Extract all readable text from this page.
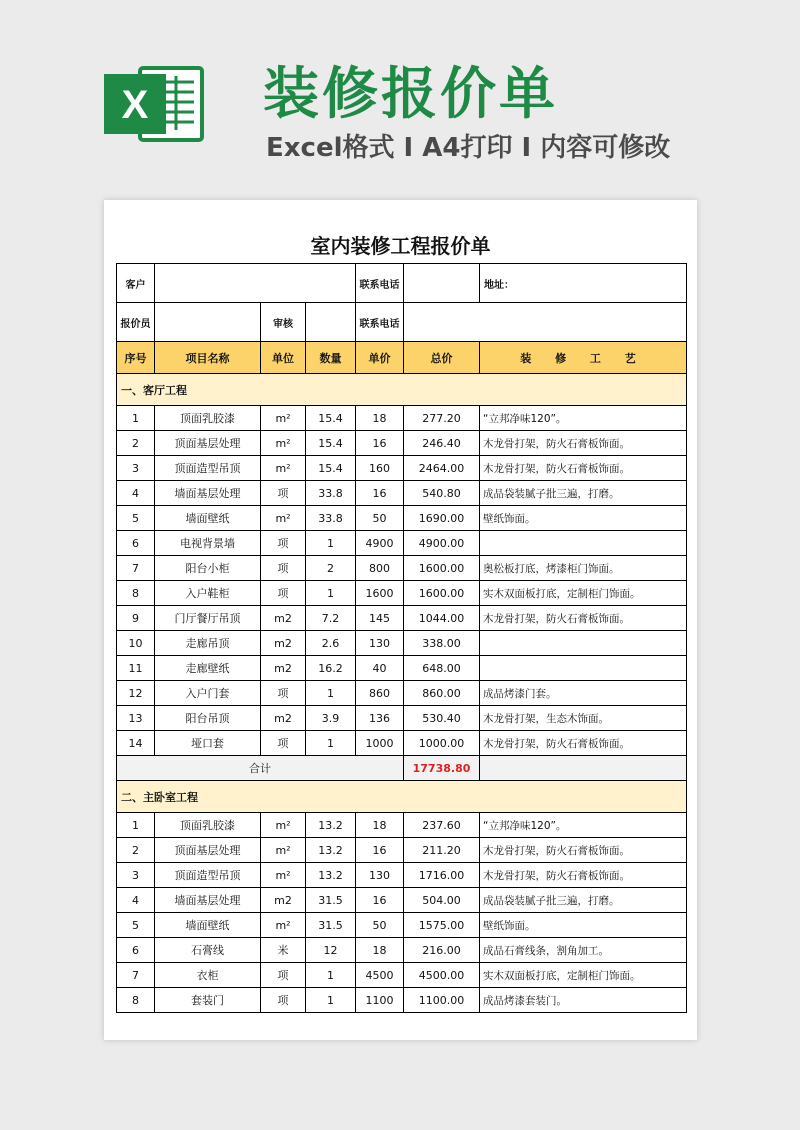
X 装修报价单
Excel格式 I A4打印 I 内容可修改
室内装修工程报价单
客户				联系电话		地址：
报价员		审核		联系电话		
序号	项目名称	单位	数量	单价	总价	装 修 工 艺
一、客厅工程						
1	顶面乳胶漆	m²	15.4	18	277.20	“立邦净味120”。
2	顶面基层处理	m²	15.4	16	246.40	木龙骨打架，防火石膏板饰面。
3	顶面造型吊顶	m²	15.4	160	2464.00	木龙骨打架，防火石膏板饰面。
4	墙面基层处理	项	33.8	16	540.80	成品袋装腻子批三遍，打磨。
5	墙面壁纸	m²	33.8	50	1690.00	壁纸饰面。
6	电视背景墙	项	1	4900	4900.00	
7	阳台小柜	项	2	800	1600.00	奥松板打底，烤漆柜门饰面。
8	入户鞋柜	项	1	1600	1600.00	实木双面板打底，定制柜门饰面。
9	门厅餐厅吊顶	m2	7.2	145	1044.00	木龙骨打架，防火石膏板饰面。
10	走廊吊顶	m2	2.6	130	338.00	
11	走廊壁纸	m2	16.2	40	648.00	
12	入户门套	项	1	860	860.00	成品烤漆门套。
13	阳台吊顶	m2	3.9	136	530.40	木龙骨打架，生态木饰面。
14	垭口套	项	1	1000	1000.00	木龙骨打架，防火石膏板饰面。
合计					17738.80	
二、主卧室工程						
1	顶面乳胶漆	m²	13.2	18	237.60	“立邦净味120”。
2	顶面基层处理	m²	13.2	16	211.20	木龙骨打架，防火石膏板饰面。
3	顶面造型吊顶	m²	13.2	130	1716.00	木龙骨打架，防火石膏板饰面。
4	墙面基层处理	m2	31.5	16	504.00	成品袋装腻子批三遍，打磨。
5	墙面壁纸	m²	31.5	50	1575.00	壁纸饰面。
6	石膏线	米	12	18	216.00	成品石膏线条，割角加工。
7	衣柜	项	1	4500	4500.00	实木双面板打底，定制柜门饰面。
8	套装门	项	1	1100	1100.00	成品烤漆套装门。
